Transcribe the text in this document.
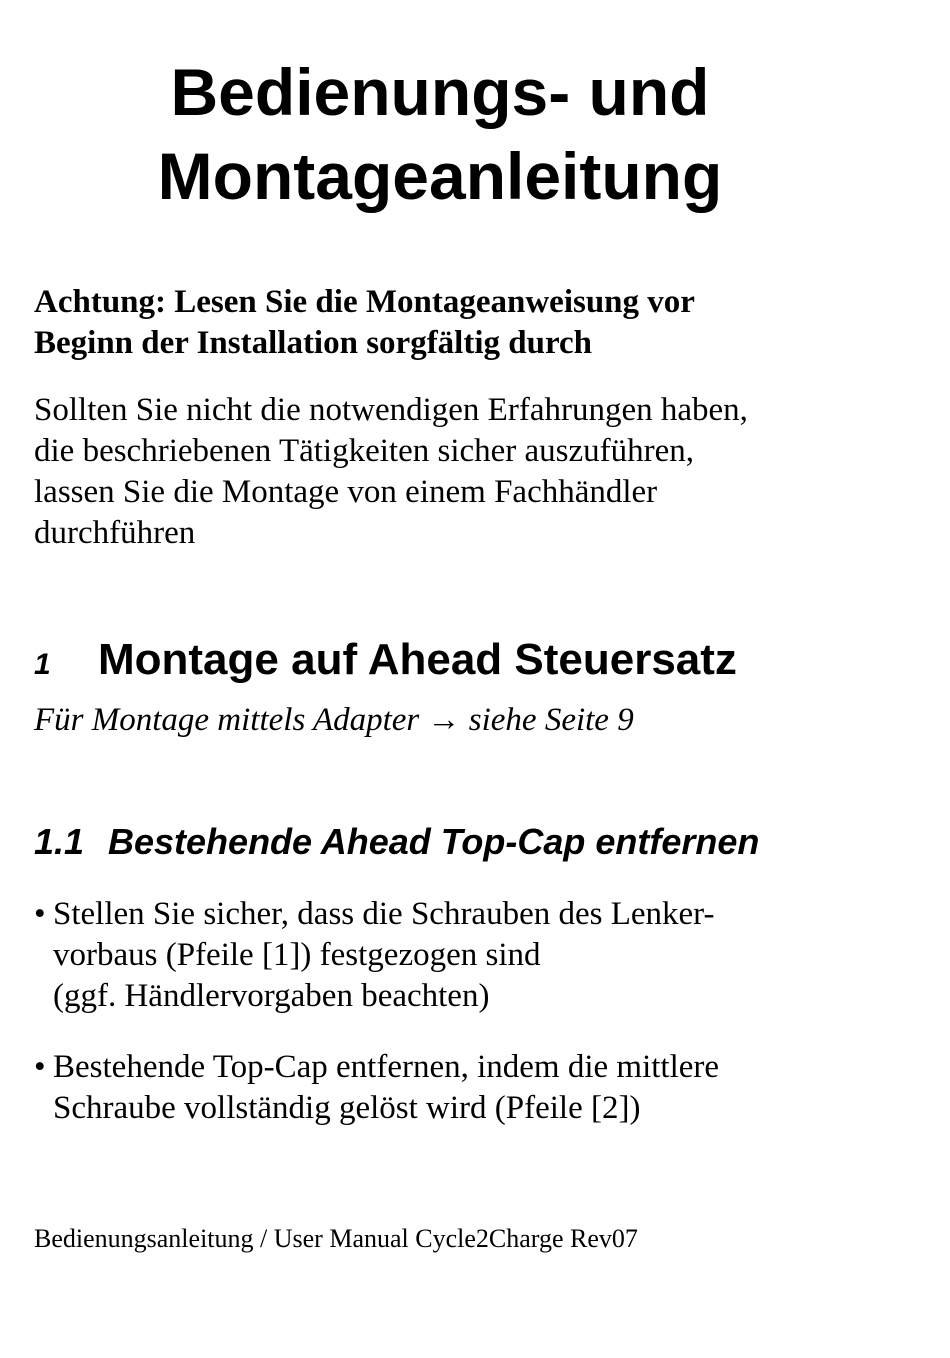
Bedienungs- und
Montageanleitung

Achtung: Lesen Sie die Montageanweisung vor
Beginn der Installation sorgfältig durch

Sollten Sie nicht die notwendigen Erfahrungen haben,
die beschriebenen Tätigkeiten sicher auszuführen,
lassen Sie die Montage von einem Fachhändler
durchführen

1 Montage auf Ahead Steuersatz

Für Montage mittels Adapter → siehe Seite 9

1.1 Bestehende Ahead Top-Cap entfernen
• Stellen Sie sicher, dass die Schrauben des Lenker-
vorbaus (Pfeile [1]) festgezogen sind
(ggf. Händlervorgaben beachten)
• Bestehende Top-Cap entfernen, indem die mittlere
Schraube vollständig gelöst wird (Pfeile [2])

Bedienungsanleitung / User Manual Cycle2Charge Rev07
